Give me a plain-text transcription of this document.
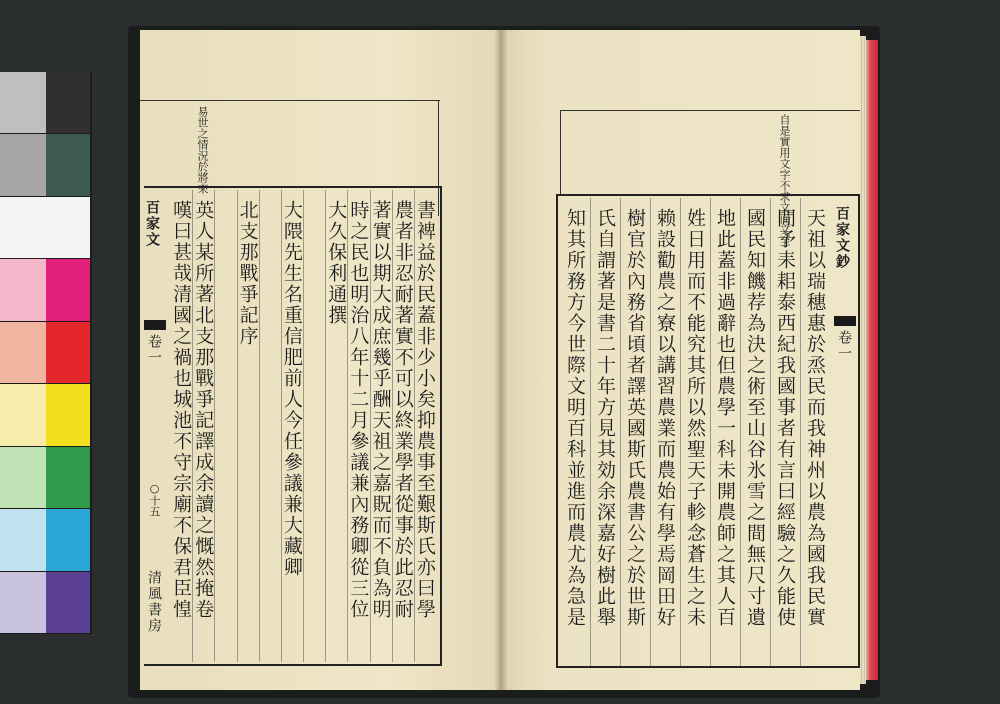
易世之情況於將來
百家文
卷一
○十五
清風書房	書裨益於民蓋非少小矣抑農事至艱斯氏亦曰學
農者非忍耐著實不可以終業學者從事於此忍耐
著實以期大成庶幾乎酬天祖之嘉貺而不負為明
時之民也明治八年十二月參議兼內務卿從三位
大久保利通撰
大隈先生名重信肥前人今任參議兼大藏卿
北支那戰爭記序
英人某所著北支那戰爭記譯成余讀之慨然掩卷
嘆曰甚哉清國之禍也城池不守宗廟不保君臣惶
自是實用文字不求文而文至	百家文鈔
卷一
天祖以瑞穗惠於烝民而我神州以農為國我民實
閒予耒耜泰西紀我國事者有言曰經驗之久能使
國民知饑荐為決之術至山谷氷雪之間無尺寸遺
地此蓋非過辭也但農學一科未開農師之其人百
姓日用而不能究其所以然聖天子軫念蒼生之未
赖設勸農之寮以講習農業而農始有學焉岡田好
樹官於內務省頃者譯英國斯氏農書公之於世斯
氏自謂著是書二十年方見其効余深嘉好樹此舉
知其所務方今世際文明百科並進而農尤為急是
